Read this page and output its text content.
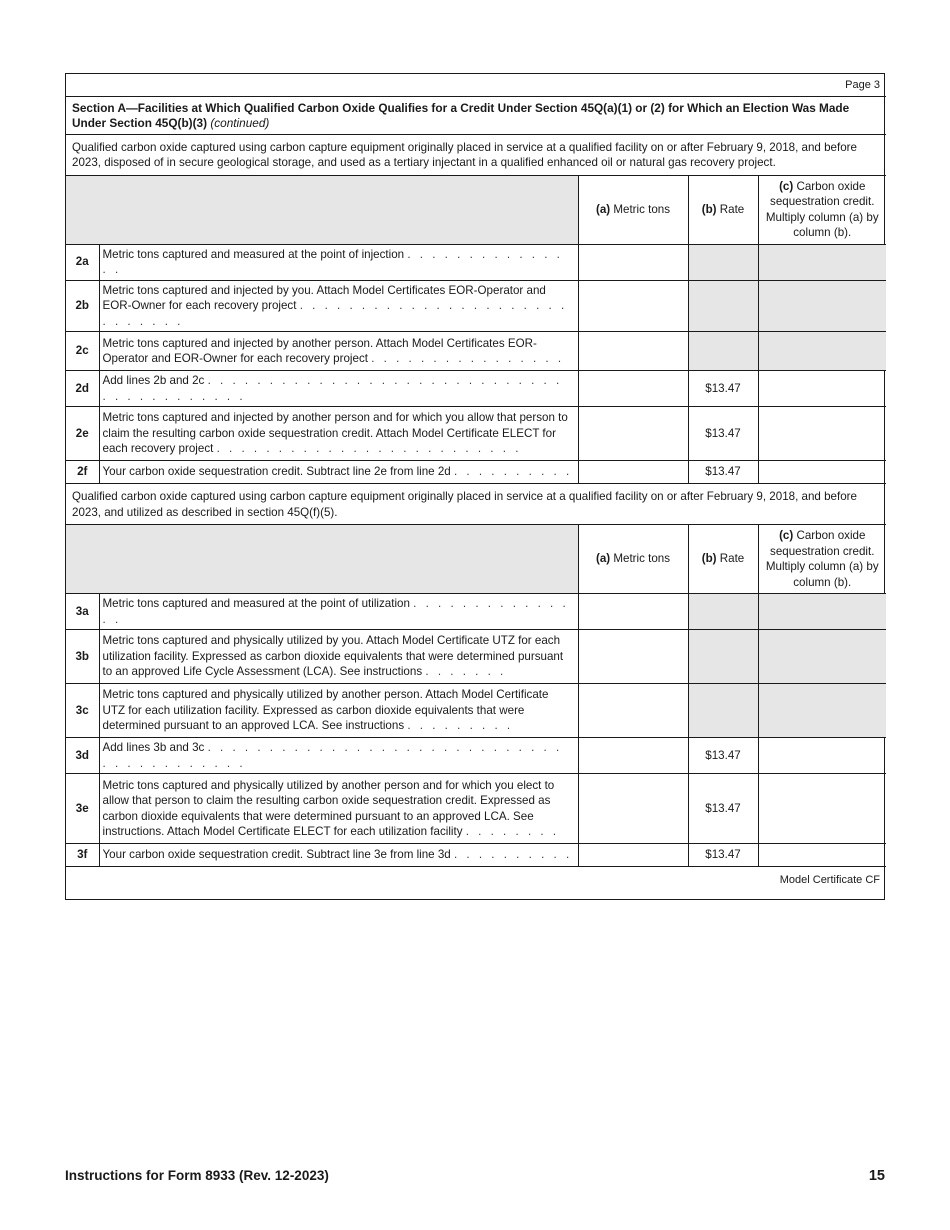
Page 3				
Section A—Facilities at Which Qualified Carbon Oxide Qualifies for a Credit Under Section 45Q(a)(1) or (2) for Which an Election Was Made Under Section 45Q(b)(3) (continued)				
Qualified carbon oxide captured using carbon capture equipment originally placed in service at a qualified facility on or after February 9, 2018, and before 2023, disposed of in secure geological storage, and used as a tertiary injectant in a qualified enhanced oil or natural gas recovery project.				
		(a) Metric tons	(b) Rate	(c) Carbon oxide sequestration credit. Multiply column (a) by column (b).
2a	Metric tons captured and measured at the point of injection . . . . . . . . . . . . . . .			
2b	Metric tons captured and injected by you. Attach Model Certificates EOR-Operator and EOR-Owner for each recovery project . . . . . . . . . . . . . . . . . . . . . . . . . . . . .			
2c	Metric tons captured and injected by another person. Attach Model Certificates EOR-Operator and EOR-Owner for each recovery project . . . . . . . . . . . . . . . .			
2d	Add lines 2b and 2c . . . . . . . . . . . . . . . . . . . . . . . . . . . . . . . . . . . . . . . . .		$13.47	
2e	Metric tons captured and injected by another person and for which you allow that person to claim the resulting carbon oxide sequestration credit. Attach Model Certificate ELECT for each recovery project . . . . . . . . . . . . . . . . . . . . . . . . .		$13.47	
2f	Your carbon oxide sequestration credit. Subtract line 2e from line 2d . . . . . . . . . .		$13.47	
Qualified carbon oxide captured using carbon capture equipment originally placed in service at a qualified facility on or after February 9, 2018, and before 2023, and utilized as described in section 45Q(f)(5).				
		(a) Metric tons	(b) Rate	(c) Carbon oxide sequestration credit. Multiply column (a) by column (b).
3a	Metric tons captured and measured at the point of utilization . . . . . . . . . . . . . . .			
3b	Metric tons captured and physically utilized by you. Attach Model Certificate UTZ for each utilization facility. Expressed as carbon dioxide equivalents that were determined pursuant to an approved Life Cycle Assessment (LCA). See instructions . . . . . . .			
3c	Metric tons captured and physically utilized by another person. Attach Model Certificate UTZ for each utilization facility. Expressed as carbon dioxide equivalents that were determined pursuant to an approved LCA. See instructions . . . . . . . . .			
3d	Add lines 3b and 3c . . . . . . . . . . . . . . . . . . . . . . . . . . . . . . . . . . . . . . . . .		$13.47	
3e	Metric tons captured and physically utilized by another person and for which you elect to allow that person to claim the resulting carbon oxide sequestration credit. Expressed as carbon dioxide equivalents that were determined pursuant to an approved LCA. See instructions. Attach Model Certificate ELECT for each utilization facility . . . . . . . .		$13.47	
3f	Your carbon oxide sequestration credit. Subtract line 3e from line 3d . . . . . . . . . .		$13.47	
Model Certificate CF				
Instructions for Form 8933 (Rev. 12-2023)	15
